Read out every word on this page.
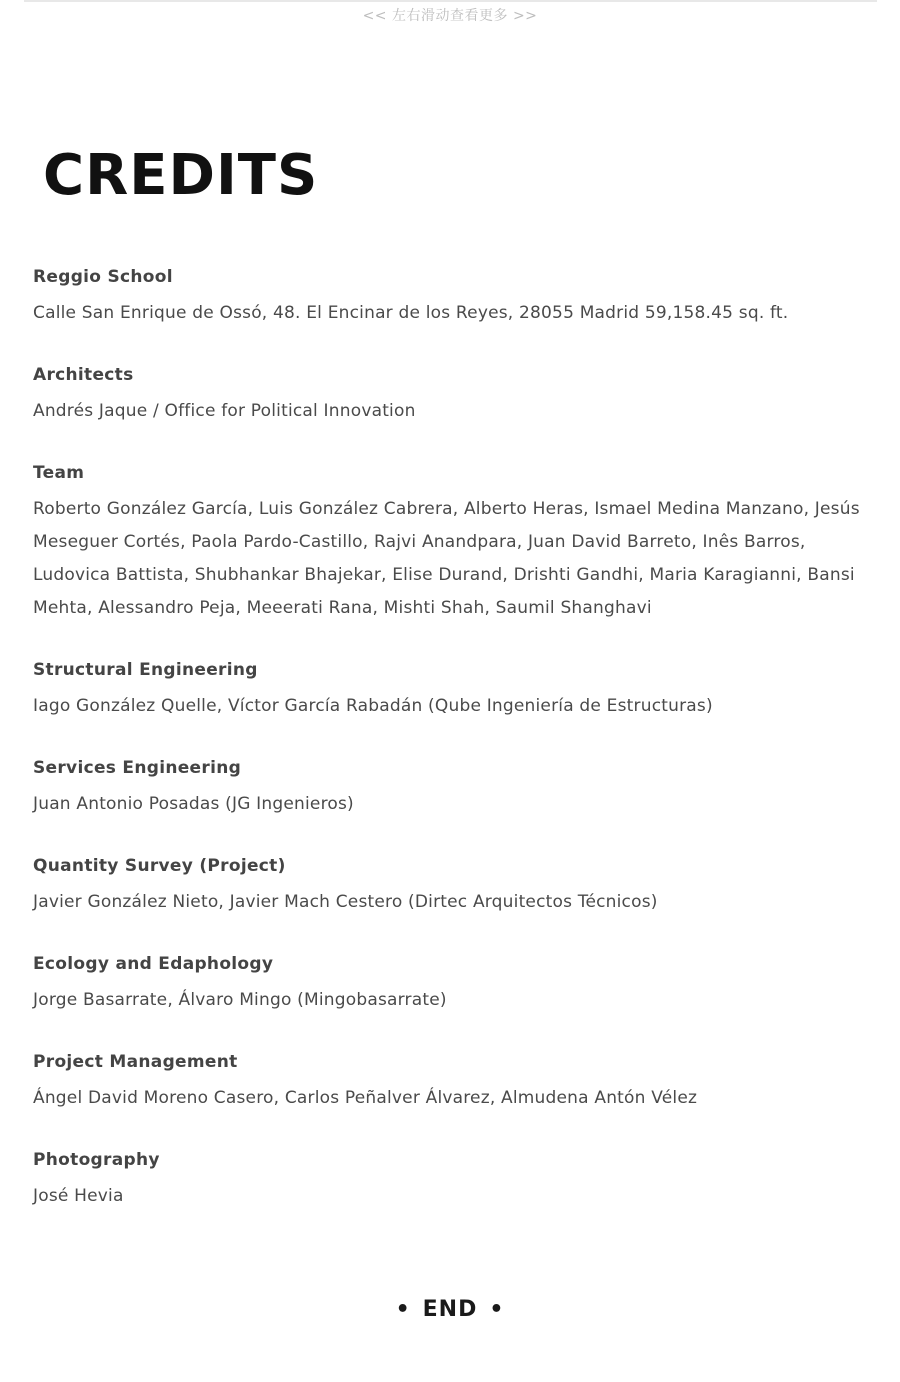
<< 左右滑动查看更多 >>
CREDITS
Reggio School
Calle San Enrique de Ossó, 48. El Encinar de los Reyes, 28055 Madrid 59,158.45 sq. ft.
Architects
Andrés Jaque / Office for Political Innovation
Team
Roberto González García, Luis González Cabrera, Alberto Heras, Ismael Medina Manzano, Jesús Meseguer Cortés, Paola Pardo-Castillo, Rajvi Anandpara, Juan David Barreto, Inês Barros, Ludovica Battista, Shubhankar Bhajekar, Elise Durand, Drishti Gandhi, Maria Karagianni, Bansi Mehta, Alessandro Peja, Meeerati Rana, Mishti Shah, Saumil Shanghavi
Structural Engineering
Iago González Quelle, Víctor García Rabadán (Qube Ingeniería de Estructuras)
Services Engineering
Juan Antonio Posadas (JG Ingenieros)
Quantity Survey (Project)
Javier González Nieto, Javier Mach Cestero (Dirtec Arquitectos Técnicos)
Ecology and Edaphology
Jorge Basarrate, Álvaro Mingo (Mingobasarrate)
Project Management
Ángel David Moreno Casero, Carlos Peñalver Álvarez, Almudena Antón Vélez
Photography
José Hevia
• END •
